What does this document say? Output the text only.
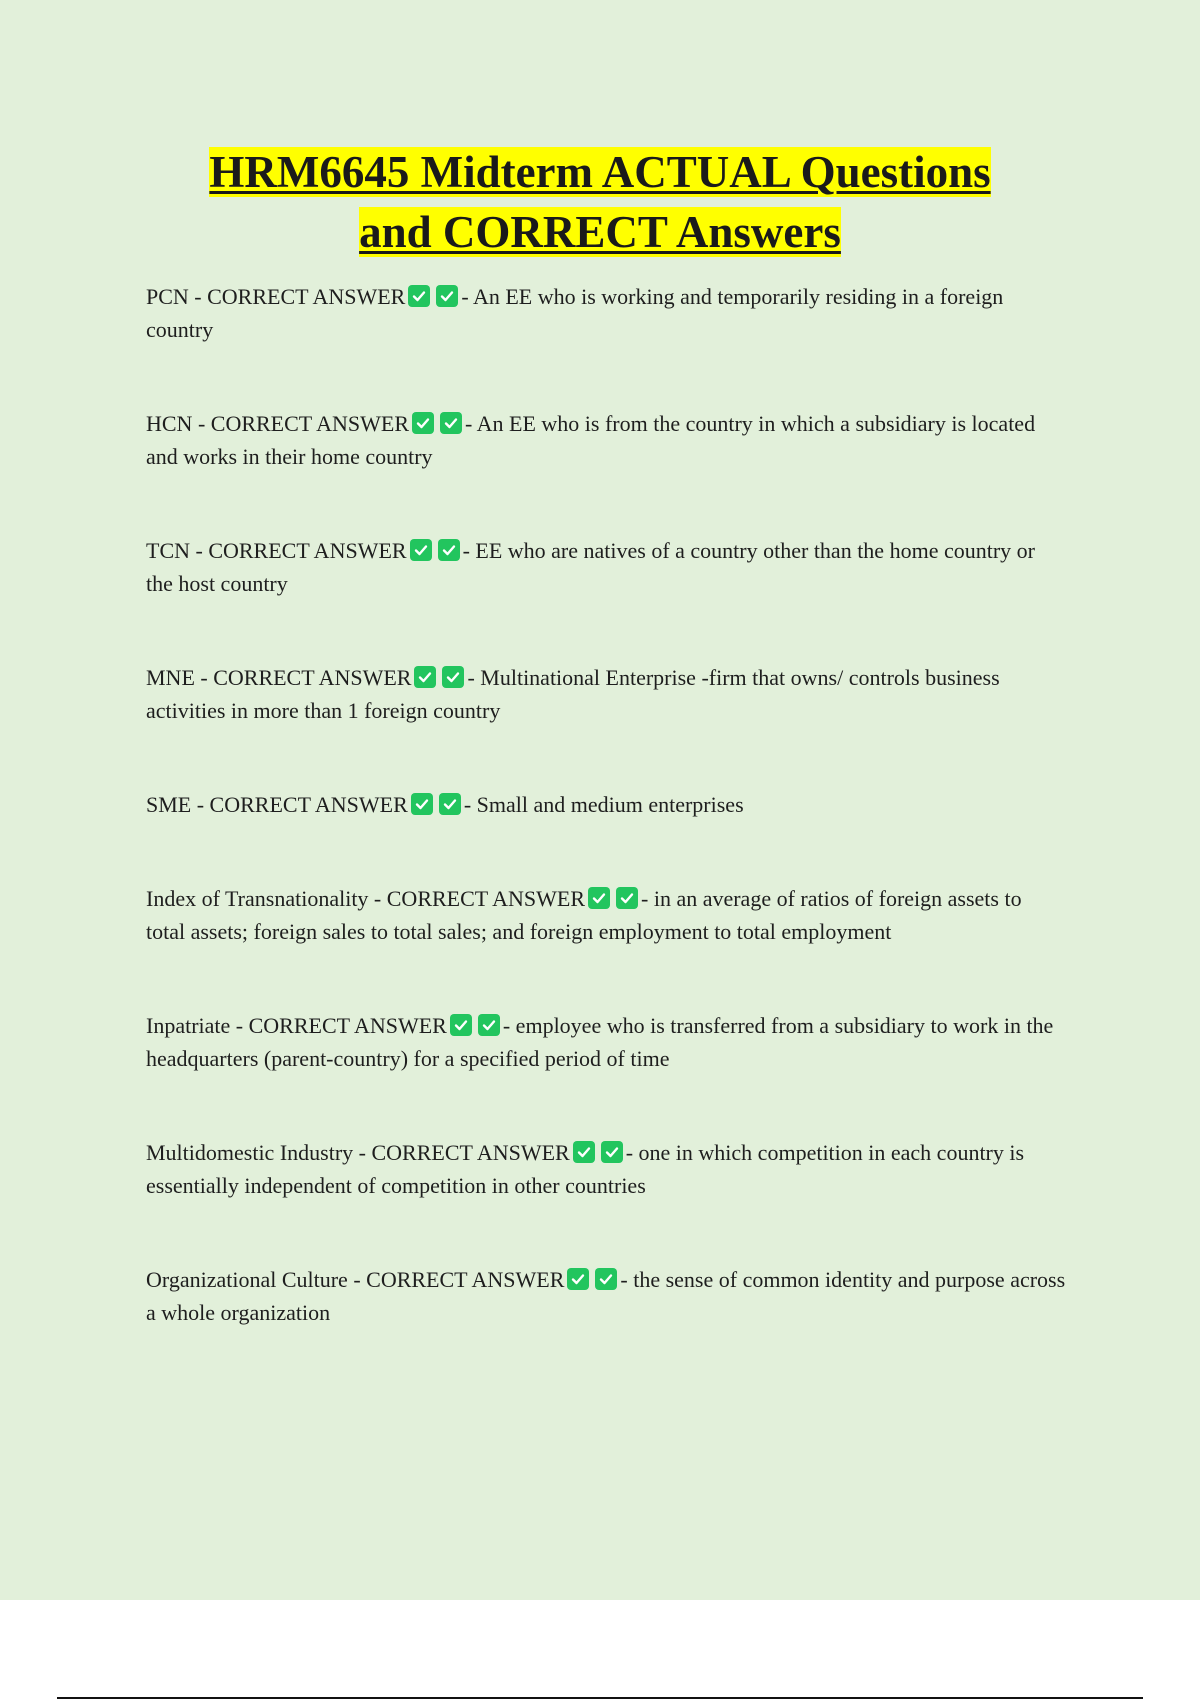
HRM6645 Midterm ACTUAL Questions
and CORRECT Answers

PCN - CORRECT ANSWER	- An EE who is working and temporarily residing in a foreign country

HCN - CORRECT ANSWER	- An EE who is from the country in which a subsidiary is located and works in their home country

TCN - CORRECT ANSWER	- EE who are natives of a country other than the home country or the host country

MNE - CORRECT ANSWER	- Multinational Enterprise -firm that owns/ controls business activities in more than 1 foreign country

SME - CORRECT ANSWER	- Small and medium enterprises

Index of Transnationality - CORRECT ANSWER	- in an average of ratios of foreign assets to total assets; foreign sales to total sales; and foreign employment to total employment

Inpatriate - CORRECT ANSWER	- employee who is transferred from a subsidiary to work in the headquarters (parent-country) for a specified period of time

Multidomestic Industry - CORRECT ANSWER	- one in which competition in each country is essentially independent of competition in other countries

Organizational Culture - CORRECT ANSWER	- the sense of common identity and purpose across a whole organization
